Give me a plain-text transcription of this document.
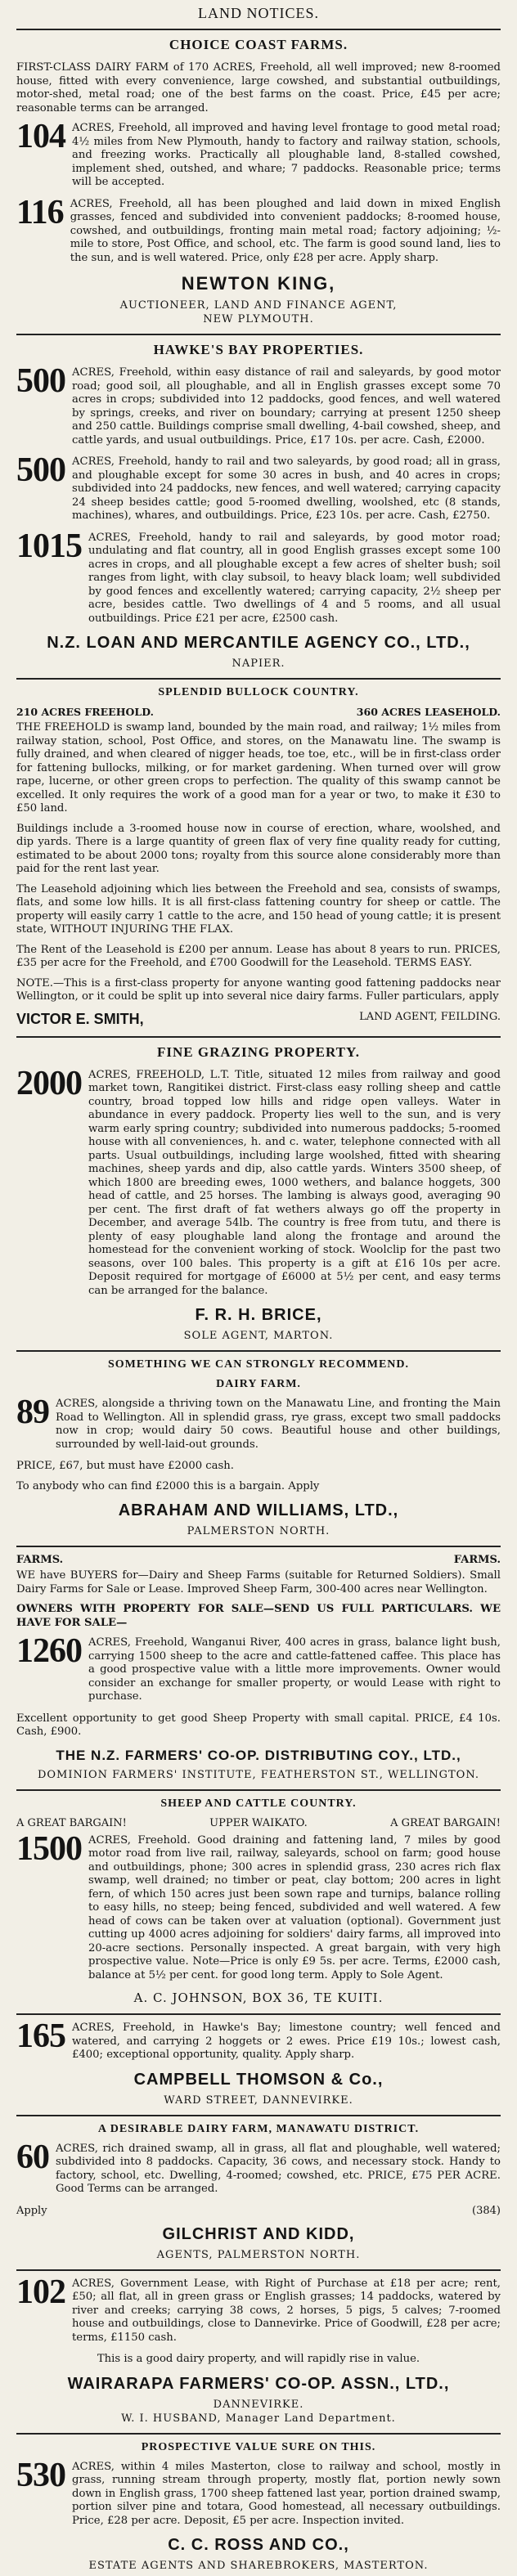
LAND NOTICES.
CHOICE COAST FARMS.
FIRST-CLASS DAIRY FARM of 170 ACRES, Freehold, all well improved; new 8-roomed house, fitted with every convenience, large cowshed, and substantial outbuildings, motor-shed, metal road; one of the best farms on the coast. Price, £45 per acre; reasonable terms can be arranged.
104 ACRES, Freehold, all improved and having level frontage to good metal road; 4½ miles from New Plymouth, handy to factory and railway station, schools, and freezing works. Practically all ploughable land, 8-stalled cowshed, implement shed, outshed, and whare; 7 paddocks. Reasonable price; terms will be accepted.
116 ACRES, Freehold, all has been ploughed and laid down in mixed English grasses, fenced and subdivided into convenient paddocks; 8-roomed house, cowshed, and outbuildings, fronting main metal road; factory adjoining; ½-mile to store, Post Office, and school, etc. The farm is good sound land, lies to the sun, and is well watered. Price, only £28 per acre. Apply sharp.
NEWTON KING,
AUCTIONEER, LAND AND FINANCE AGENT,
NEW PLYMOUTH.
HAWKE'S BAY PROPERTIES.
500 ACRES, Freehold, within easy distance of rail and saleyards, by good motor road; good soil, all ploughable, and all in English grasses except some 70 acres in crops; subdivided into 12 paddocks, good fences, and well watered by springs, creeks, and river on boundary; carrying at present 1250 sheep and 250 cattle. Buildings comprise small dwelling, 4-bail cowshed, sheep, and cattle yards, and usual outbuildings. Price, £17 10s. per acre. Cash, £2000.
500 ACRES, Freehold, handy to rail and two saleyards, by good road; all in grass, and ploughable except for some 30 acres in bush, and 40 acres in crops; subdivided into 24 paddocks, new fences, and well watered; carrying capacity 24 sheep besides cattle; good 5-roomed dwelling, woolshed, etc (8 stands, machines), whares, and outbuildings. Price, £23 10s. per acre. Cash, £2750.
1015 ACRES, Freehold, handy to rail and saleyards, by good motor road; undulating and flat country, all in good English grasses except some 100 acres in crops, and all ploughable except a few acres of shelter bush; soil ranges from light, with clay subsoil, to heavy black loam; well subdivided by good fences and excellently watered; carrying capacity, 2½ sheep per acre, besides cattle. Two dwellings of 4 and 5 rooms, and all usual outbuildings. Price £21 per acre, £2500 cash.
N.Z. LOAN AND MERCANTILE AGENCY CO., LTD.,
NAPIER.
SPLENDID BULLOCK COUNTRY.
210 ACRES FREEHOLD.	360 ACRES LEASEHOLD.
THE FREEHOLD is swamp land, bounded by the main road, and railway; 1½ miles from railway station, school, Post Office, and stores, on the Manawatu line. The swamp is fully drained, and when cleared of nigger heads, toe toe, etc., will be in first-class order for fattening bullocks, milking, or for market gardening. When turned over will grow rape, lucerne, or other green crops to perfection. The quality of this swamp cannot be excelled. It only requires the work of a good man for a year or two, to make it £30 to £50 land.
Buildings include a 3-roomed house now in course of erection, whare, woolshed, and dip yards. There is a large quantity of green flax of very fine quality ready for cutting, estimated to be about 2000 tons; royalty from this source alone considerably more than paid for the rent last year.
The Leasehold adjoining which lies between the Freehold and sea, consists of swamps, flats, and some low hills. It is all first-class fattening country for sheep or cattle. The property will easily carry 1 cattle to the acre, and 150 head of young cattle; it is present state, WITHOUT INJURING THE FLAX.
The Rent of the Leasehold is £200 per annum. Lease has about 8 years to run. PRICES, £35 per acre for the Freehold, and £700 Goodwill for the Leasehold. TERMS EASY.
NOTE.—This is a first-class property for anyone wanting good fattening paddocks near Wellington, or it could be split up into several nice dairy farms. Fuller particulars, apply
VICTOR E. SMITH,	LAND AGENT, FEILDING.
FINE GRAZING PROPERTY.
2000 ACRES, FREEHOLD, L.T. Title, situated 12 miles from railway and good market town, Rangitikei district. First-class easy rolling sheep and cattle country, broad topped low hills and ridge open valleys. Water in abundance in every paddock. Property lies well to the sun, and is very warm early spring country; subdivided into numerous paddocks; 5-roomed house with all conveniences, h. and c. water, telephone connected with all parts. Usual outbuildings, including large woolshed, fitted with shearing machines, sheep yards and dip, also cattle yards. Winters 3500 sheep, of which 1800 are breeding ewes, 1000 wethers, and balance hoggets, 300 head of cattle, and 25 horses. The lambing is always good, averaging 90 per cent. The first draft of fat wethers always go off the property in December, and average 54lb. The country is free from tutu, and there is plenty of easy ploughable land along the frontage and around the homestead for the convenient working of stock. Woolclip for the past two seasons, over 100 bales. This property is a gift at £16 10s per acre. Deposit required for mortgage of £6000 at 5½ per cent, and easy terms can be arranged for the balance.
F. R. H. BRICE,
SOLE AGENT, MARTON.
SOMETHING WE CAN STRONGLY RECOMMEND.
DAIRY FARM.
89 ACRES, alongside a thriving town on the Manawatu Line, and fronting the Main Road to Wellington. All in splendid grass, rye grass, except two small paddocks now in crop; would dairy 50 cows. Beautiful house and other buildings, surrounded by well-laid-out grounds.
PRICE, £67, but must have £2000 cash.
To anybody who can find £2000 this is a bargain. Apply
ABRAHAM AND WILLIAMS, LTD.,
PALMERSTON NORTH.
FARMS.	FARMS.
WE have BUYERS for—Dairy and Sheep Farms (suitable for Returned Soldiers). Small Dairy Farms for Sale or Lease. Improved Sheep Farm, 300-400 acres near Wellington.
OWNERS WITH PROPERTY FOR SALE—SEND US FULL PARTICULARS. WE HAVE FOR SALE—
1260 ACRES, Freehold, Wanganui River, 400 acres in grass, balance light bush, carrying 1500 sheep to the acre and cattle-fattened caffee. This place has a good prospective value with a little more improvements. Owner would consider an exchange for smaller property, or would Lease with right to purchase.
Excellent opportunity to get good Sheep Property with small capital. PRICE, £4 10s. Cash, £900.
THE N.Z. FARMERS' CO-OP. DISTRIBUTING COY., LTD.,
DOMINION FARMERS' INSTITUTE, FEATHERSTON ST., WELLINGTON.
SHEEP AND CATTLE COUNTRY.
A GREAT BARGAIN!	UPPER WAIKATO.	A GREAT BARGAIN!
1500 ACRES, Freehold. Good draining and fattening land, 7 miles by good motor road from live rail, railway, saleyards, school on farm; good house and outbuildings, phone; 300 acres in splendid grass, 230 acres rich flax swamp, well drained; no timber or peat, clay bottom; 200 acres in light fern, of which 150 acres just been sown rape and turnips, balance rolling to easy hills, no steep; being fenced, subdivided and well watered. A few head of cows can be taken over at valuation (optional). Government just cutting up 4000 acres adjoining for soldiers' dairy farms, all improved into 20-acre sections. Personally inspected. A great bargain, with very high prospective value. Note—Price is only £9 5s. per acre. Terms, £2000 cash, balance at 5½ per cent. for good long term. Apply to Sole Agent.
A. C. JOHNSON, BOX 36, TE KUITI.
165 ACRES, Freehold, in Hawke's Bay; limestone country; well fenced and watered, and carrying 2 hoggets or 2 ewes. Price £19 10s.; lowest cash, £400; exceptional opportunity, quality. Apply sharp.
CAMPBELL THOMSON & Co.,
WARD STREET, DANNEVIRKE.
A DESIRABLE DAIRY FARM, MANAWATU DISTRICT.
60 ACRES, rich drained swamp, all in grass, all flat and ploughable, well watered; subdivided into 8 paddocks. Capacity, 36 cows, and necessary stock. Handy to factory, school, etc. Dwelling, 4-roomed; cowshed, etc. PRICE, £75 PER ACRE. Good Terms can be arranged.
Apply	(384)
GILCHRIST AND KIDD,
AGENTS, PALMERSTON NORTH.
102 ACRES, Government Lease, with Right of Purchase at £18 per acre; rent, £50; all flat, all in green grass or English grasses; 14 paddocks, watered by river and creeks; carrying 38 cows, 2 horses, 5 pigs, 5 calves; 7-roomed house and outbuildings, close to Dannevirke. Price of Goodwill, £28 per acre; terms, £1150 cash.
This is a good dairy property, and will rapidly rise in value.
WAIRARAPA FARMERS' CO-OP. ASSN., LTD.,
DANNEVIRKE.
W. I. HUSBAND, Manager Land Department.
PROSPECTIVE VALUE SURE ON THIS.
530 ACRES, within 4 miles Masterton, close to railway and school, mostly in grass, running stream through property, mostly flat, portion newly sown down in English grass, 1700 sheep fattened last year, portion drained swamp, portion silver pine and totara, Good homestead, all necessary outbuildings. Price, £28 per acre. Deposit, £5 per acre. Inspection invited.
C. C. ROSS AND CO.,
ESTATE AGENTS AND SHAREBROKERS, MASTERTON.
